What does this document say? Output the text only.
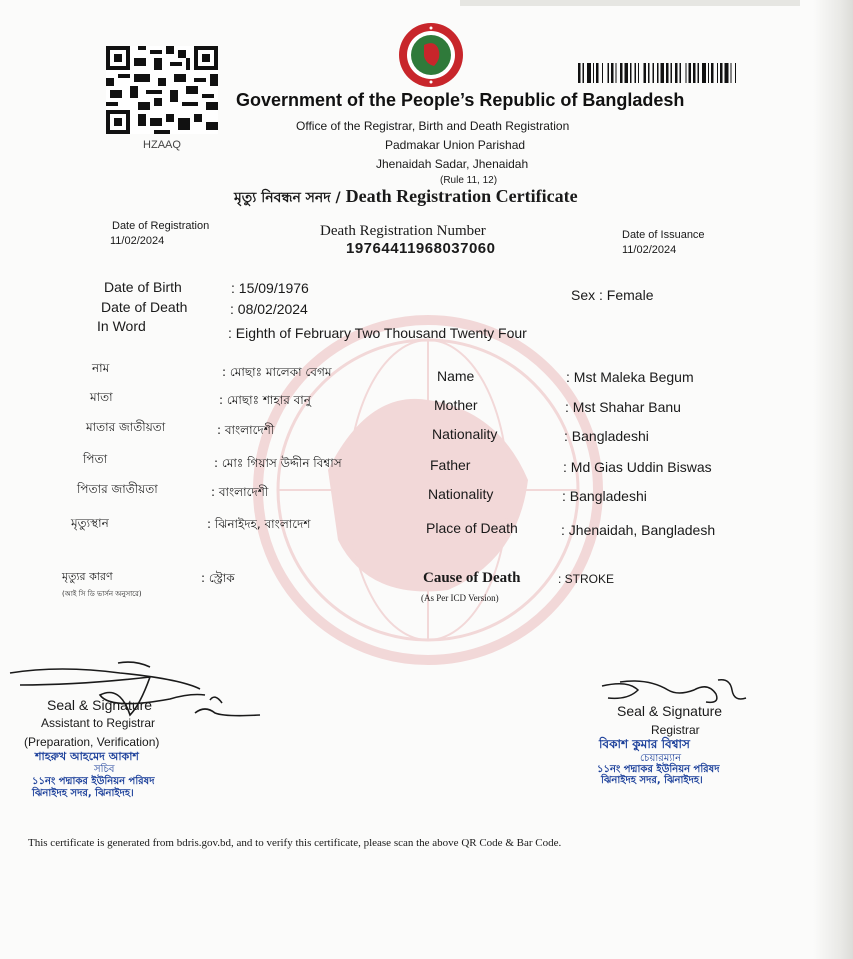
HZAAQ
Government of the People’s Republic of Bangladesh
Office of the Registrar, Birth and Death Registration
Padmakar Union Parishad
Jhenaidah Sadar, Jhenaidah
(Rule 11, 12)
মৃত্যু নিবন্ধন সনদ / Death Registration Certificate
Date of Registration
11/02/2024
Death Registration Number
19764411968037060
Date of Issuance
11/02/2024
Date of Birth	: 15/09/1976
Date of Death	: 08/02/2024
In Word	: Eighth of February Two Thousand Twenty Four
Sex : Female
নাম	: মোছাঃ মালেকা বেগম	Name	: Mst Maleka Begum
মাতা	: মোছাঃ শাহার বানু	Mother	: Mst Shahar Banu
মাতার জাতীয়তা	: বাংলাদেশী	Nationality	: Bangladeshi
পিতা	: মোঃ গিয়াস উদ্দীন বিশ্বাস	Father	: Md Gias Uddin Biswas
পিতার জাতীয়তা	: বাংলাদেশী	Nationality	: Bangladeshi
মৃত্যুস্থান	: ঝিনাইদহ, বাংলাদেশ	Place of Death	: Jhenaidah, Bangladesh
মৃত্যুর কারণ
(আই সি ডি ভার্সন অনুসারে)
: স্ট্রোক	Cause of Death	: STROKE
(As Per ICD Version)
Seal & Signature
Assistant to Registrar
(Preparation, Verification)
শাহরুখ আহমেদ আকাশ
সচিব
১১নং পদ্মাকর ইউনিয়ন পরিষদ
ঝিনাইদহ সদর, ঝিনাইদহ।
Seal & Signature
Registrar
বিকাশ কুমার বিশ্বাস
চেয়ারম্যান
১১নং পদ্মাকর ইউনিয়ন পরিষদ
ঝিনাইদহ সদর, ঝিনাইদহ।
This certificate is generated from bdris.gov.bd, and to verify this certificate, please scan the above QR Code & Bar Code.
